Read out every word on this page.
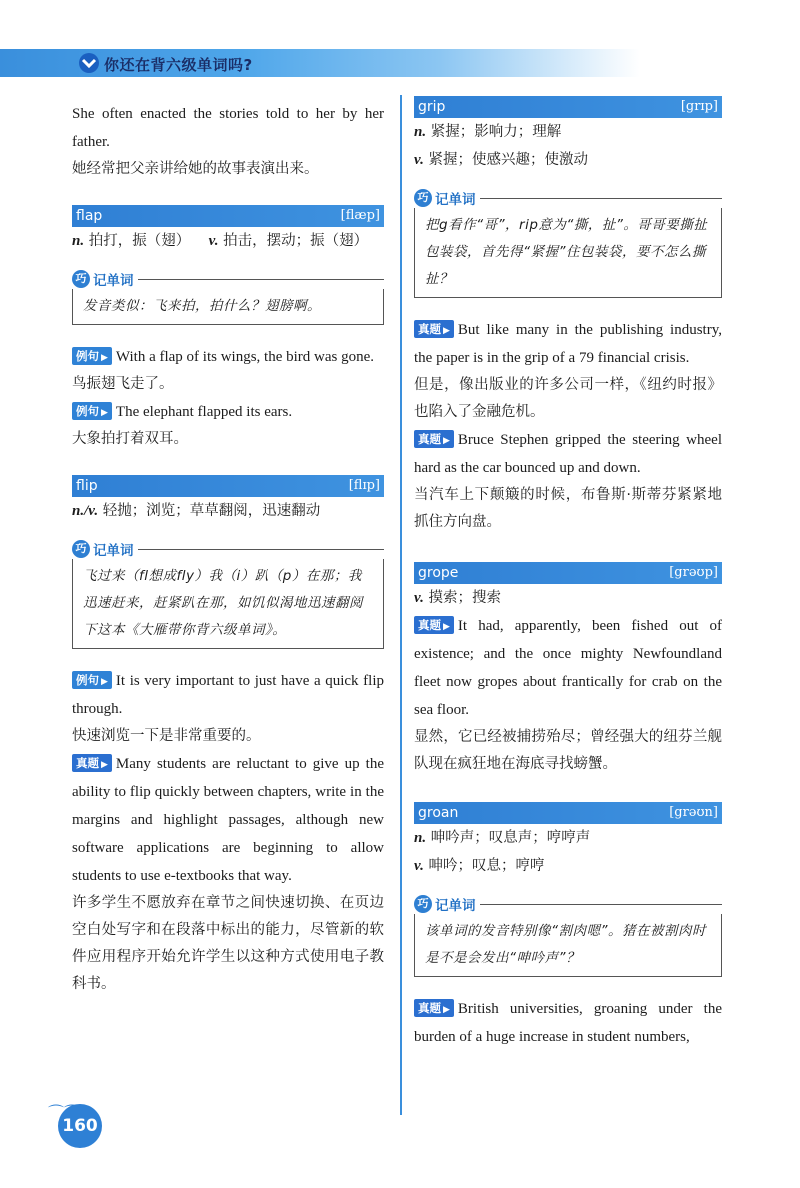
你还在背六级单词吗?

She often enacted the stories told to her by her father.

她经常把父亲讲给她的故事表演出来。

flap	[flæp]

n. 拍打，振（翅） v. 拍击，摆动；振（翅）

巧 记单词
发音类似：飞来拍，拍什么？翅膀啊。

例句 ▶ With a flap of its wings, the bird was gone.

鸟振翅飞走了。

例句 ▶ The elephant flapped its ears.

大象拍打着双耳。

flip	[flɪp]

n./v. 轻抛；浏览；草草翻阅，迅速翻动

巧 记单词
飞过来（fl想成fly）我（i）趴（p）在那；我迅速赶来，赶紧趴在那，如饥似渴地迅速翻阅下这本《大雁带你背六级单词》。

例句 ▶ It is very important to just have a quick flip through.

快速浏览一下是非常重要的。

真题 ▶ Many students are reluctant to give up the ability to flip quickly between chapters, write in the margins and highlight passages, although new software applications are beginning to allow students to use e-textbooks that way.

许多学生不愿放弃在章节之间快速切换、在页边空白处写字和在段落中标出的能力，尽管新的软件应用程序开始允许学生以这种方式使用电子教科书。

grip	[grɪp]

n. 紧握；影响力；理解

v. 紧握；使感兴趣；使激动

巧 记单词
把g看作“哥”，rip意为“撕，扯”。哥哥要撕扯包装袋，首先得“紧握”住包装袋，要不怎么撕扯？

真题 ▶ But like many in the publishing industry, the paper is in the grip of a 79 financial crisis.

但是，像出版业的许多公司一样，《纽约时报》也陷入了金融危机。

真题 ▶ Bruce Stephen gripped the steering wheel hard as the car bounced up and down.

当汽车上下颠簸的时候，布鲁斯·斯蒂芬紧紧地抓住方向盘。

grope	[grəʊp]

v. 摸索；搜索

真题 ▶ It had, apparently, been fished out of existence; and the once mighty Newfoundland fleet now gropes about frantically for crab on the sea floor.

显然，它已经被捕捞殆尽；曾经强大的纽芬兰舰队现在疯狂地在海底寻找螃蟹。

groan	[grəʊn]

n. 呻吟声；叹息声；哼哼声

v. 呻吟；叹息；哼哼

巧 记单词
该单词的发音特别像“割肉嗯”。猪在被割肉时是不是会发出“呻吟声”？

真题 ▶ British universities, groaning under the burden of a huge increase in student numbers,

⌒⌒
160
